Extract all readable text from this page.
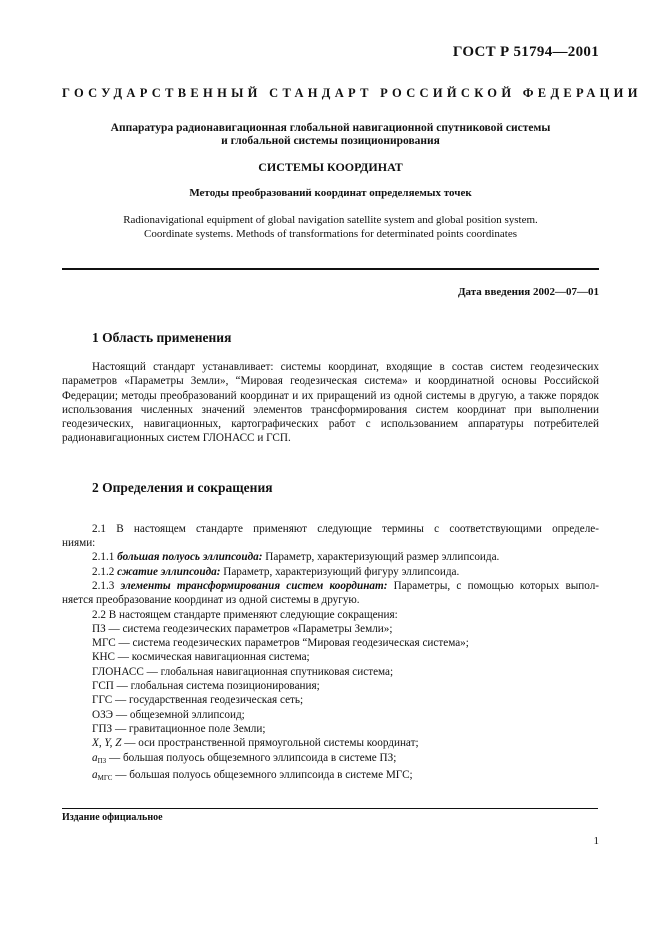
ГОСТ Р 51794—2001
ГОСУДАРСТВЕННЫЙ СТАНДАРТ РОССИЙСКОЙ ФЕДЕРАЦИИ
Аппаратура радионавигационная глобальной навигационной спутниковой системы
и глобальной системы позиционирования
СИСТЕМЫ КООРДИНАТ
Методы преобразований координат определяемых точек
Radionavigational equipment of global navigation satellite system and global position system.
Coordinate systems. Methods of transformations for determinated points coordinates
Дата введения 2002—07—01
1 Область применения

Настоящий стандарт устанавливает: системы координат, входящие в состав систем геодезических параметров «Параметры Земли», “Мировая геодезическая система» и координатной основы Российской Федерации; методы преобразований координат и их приращений из одной системы в другую, а также порядок использования численных значений элементов трансформирования систем координат при выполнении геодезических, навигационных, картографических работ с использованием аппаратуры потребителей радионавигационных систем ГЛОНАСС и ГСП.

2 Определения и сокращения
2.1 В настоящем стандарте применяют следующие термины с соответствующими определе-
ниями:
2.1.1 большая полуось эллипсоида: Параметр, характеризующий размер эллипсоида.
2.1.2 сжатие эллипсоида: Параметр, характеризующий фигуру эллипсоида.
2.1.3 элементы трансформирования систем координат: Параметры, с помощью которых выпол-
няется преобразование координат из одной системы в другую.
2.2 В настоящем стандарте применяют следующие сокращения:
ПЗ — система геодезических параметров «Параметры Земли»;
МГС — система геодезических параметров “Мировая геодезическая система»;
КНС — космическая навигационная система;
ГЛОНАСС — глобальная навигационная спутниковая система;
ГСП — глобальная система позиционирования;
ГГС — государственная геодезическая сеть;
ОЗЭ — общеземной эллипсоид;
ГПЗ — гравитационное поле Земли;
X, Y, Z — оси пространственной прямоугольной системы координат;
$a_{ПЗ}$ — большая полуось общеземного эллипсоида в системе ПЗ;
$a_{МГС}$ — большая полуось общеземного эллипсоида в системе МГС;
Издание официальное
1
